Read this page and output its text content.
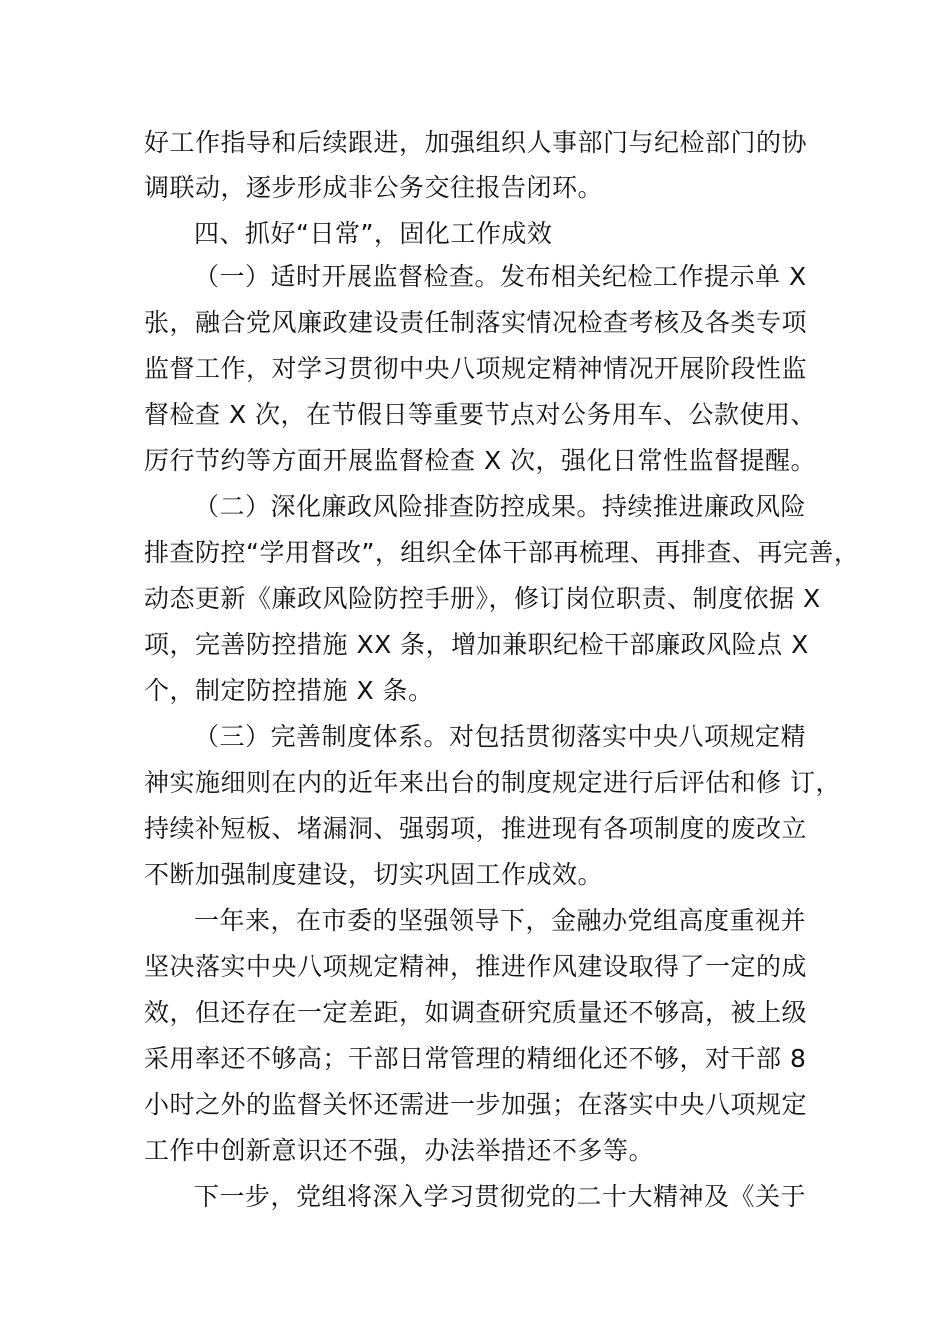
好工作指导和后续跟进，加强组织人事部门与纪检部门的协
调联动，逐步形成非公务交往报告闭环。
四、抓好“日常”，固化工作成效
（一）适时开展监督检查。发布相关纪检工作提示单 X
张，融合党风廉政建设责任制落实情况检查考核及各类专项
监督工作，对学习贯彻中央八项规定精神情况开展阶段性监
督检查 X 次，在节假日等重要节点对公务用车、公款使用、
厉行节约等方面开展监督检查 X 次，强化日常性监督提醒。
（二）深化廉政风险排查防控成果。持续推进廉政风险
排查防控“学用督改”，组织全体干部再梳理、再排查、再完善，
动态更新《廉政风险防控手册》，修订岗位职责、制度依据 X
项，完善防控措施 XX 条，增加兼职纪检干部廉政风险点 X
个，制定防控措施 X 条。
（三）完善制度体系。对包括贯彻落实中央八项规定精
神实施细则在内的近年来出台的制度规定进行后评估和修 订，
持续补短板、堵漏洞、强弱项，推进现有各项制度的废改立
不断加强制度建设，切实巩固工作成效。
一年来，在市委的坚强领导下，金融办党组高度重视并
坚决落实中央八项规定精神，推进作风建设取得了一定的成
效，但还存在一定差距，如调查研究质量还不够高，被上级
采用率还不够高；干部日常管理的精细化还不够，对干部 8
小时之外的监督关怀还需进一步加强；在落实中央八项规定
工作中创新意识还不强，办法举措还不多等。
下一步，党组将深入学习贯彻党的二十大精神及《关于
